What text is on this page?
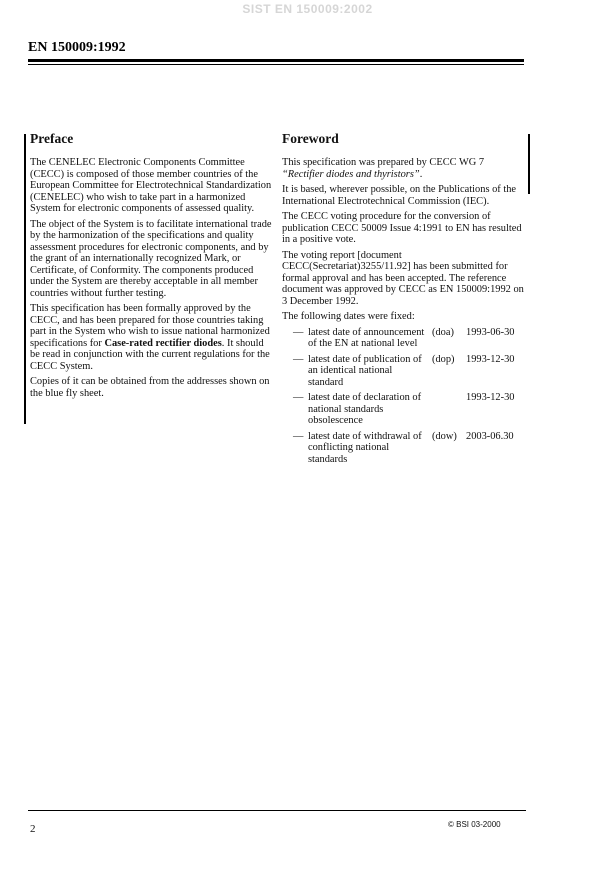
SIST EN 150009:2002
EN 150009:1992
Preface

The CENELEC Electronic Components Committee (CECC) is composed of those member countries of the European Committee for Electrotechnical Standardization (CENELEC) who wish to take part in a harmonized System for electronic components of assessed quality.

The object of the System is to facilitate international trade by the harmonization of the specifications and quality assessment procedures for electronic components, and by the grant of an internationally recognized Mark, or Certificate, of Conformity. The components produced under the System are thereby acceptable in all member countries without further testing.

This specification has been formally approved by the CECC, and has been prepared for those countries taking part in the System who wish to issue national harmonized specifications for Case-rated rectifier diodes. It should be read in conjunction with the current regulations for the CECC System.

Copies of it can be obtained from the addresses shown on the blue fly sheet.

Foreword

This specification was prepared by CECC WG 7 “Rectifier diodes and thyristors”.

It is based, wherever possible, on the Publications of the International Electrotechnical Commission (IEC).

The CECC voting procedure for the conversion of publication CECC 50009 Issue 4:1991 to EN has resulted in a positive vote.

The voting report [document CECC(Secretariat)3255/11.92] has been submitted for formal approval and has been accepted. The reference document was approved by CECC as EN 150009:1992 on 3 December 1992.

The following dates were fixed:

— latest date of announcement of the EN at national level
(doa) 1993-06-30
— latest date of publication of an identical national standard
(dop) 1993-12-30
— latest date of declaration of national standards obsolescence
1993-12-30
— latest date of withdrawal of conflicting national standards
(dow) 2003-06.30
2	© BSI 03-2000
